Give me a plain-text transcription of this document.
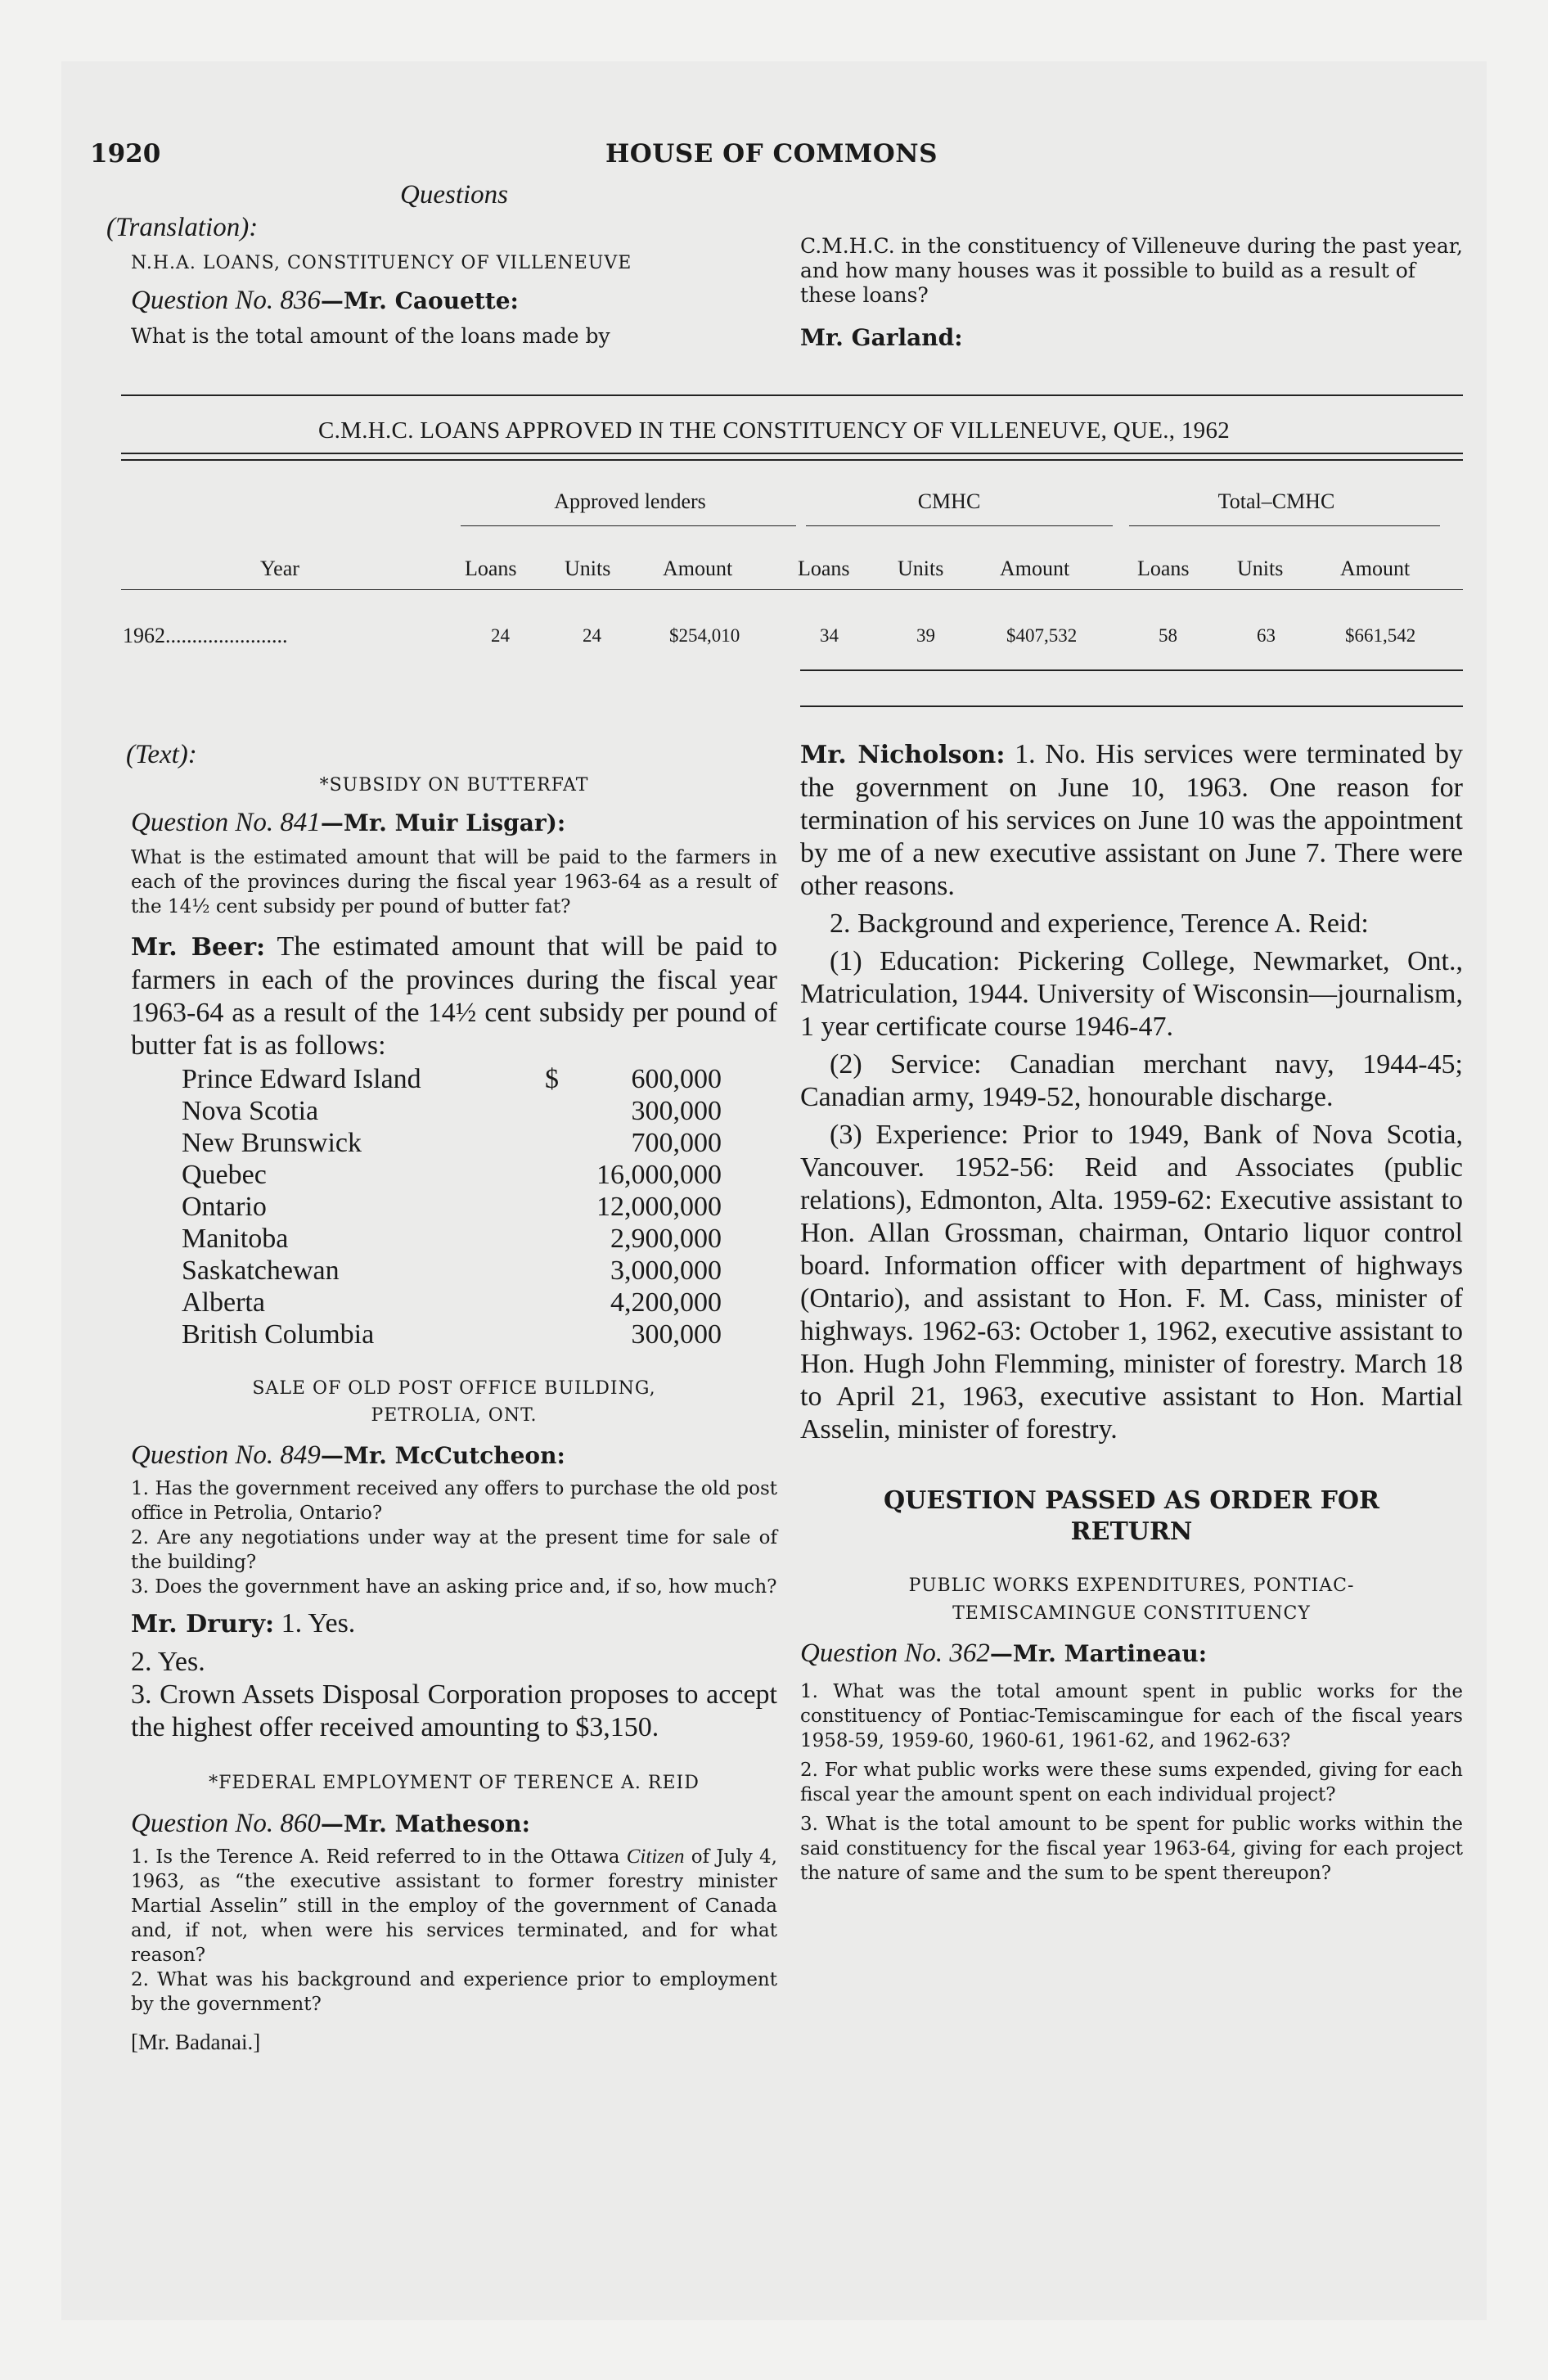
1920	HOUSE OF COMMONS

Questions

(Translation):

N.H.A. LOANS, CONSTITUENCY OF VILLENEUVE

Question No. 836—Mr. Caouette:

What is the total amount of the loans made by

C.M.H.C. in the constituency of Villeneuve during the past year, and how many houses was it possible to build as a result of these loans?

Mr. Garland:

C.M.H.C. LOANS APPROVED IN THE CONSTITUENCY OF VILLENEUVE, QUE., 1962
Approved lenders	CMHC	Total–CMHC
Year	Loans Units Amount	Loans Units	Amount	Loans Units	Amount
1962.......................	24	24	$254,010	34	39	$407,532	58	63	$661,542

(Text):

*SUBSIDY ON BUTTERFAT

Question No. 841—Mr. Muir Lisgar):

What is the estimated amount that will be paid to the farmers in each of the provinces during the fiscal year 1963-64 as a result of the 14½ cent subsidy per pound of butter fat?

Mr. Beer: The estimated amount that will be paid to farmers in each of the provinces during the fiscal year 1963-64 as a result of the 14½ cent subsidy per pound of butter fat is as follows:

Prince Edward Island	$	600,000
Nova Scotia	300,000
New Brunswick	700,000
Quebec	16,000,000
Ontario	12,000,000
Manitoba	2,900,000
Saskatchewan	3,000,000
Alberta	4,200,000
British Columbia	300,000

SALE OF OLD POST OFFICE BUILDING,

PETROLIA, ONT.

Question No. 849—Mr. McCutcheon:

1. Has the government received any offers to purchase the old post office in Petrolia, Ontario?

2. Are any negotiations under way at the present time for sale of the building?

3. Does the government have an asking price and, if so, how much?

Mr. Drury: 1. Yes.

2. Yes.

3. Crown Assets Disposal Corporation proposes to accept the highest offer received amounting to $3,150.

*FEDERAL EMPLOYMENT OF TERENCE A. REID

Question No. 860—Mr. Matheson:

1. Is the Terence A. Reid referred to in the Ottawa Citizen of July 4, 1963, as “the executive assistant to former forestry minister Martial Asselin” still in the employ of the government of Canada and, if not, when were his services terminated, and for what reason?

2. What was his background and experience prior to employment by the government?

[Mr. Badanai.]

Mr. Nicholson: 1. No. His services were terminated by the government on June 10, 1963. One reason for termination of his services on June 10 was the appointment by me of a new executive assistant on June 7. There were other reasons.

2. Background and experience, Terence A. Reid:

(1) Education: Pickering College, Newmarket, Ont., Matriculation, 1944. University of Wisconsin—journalism, 1 year certificate course 1946-47.

(2) Service: Canadian merchant navy, 1944-45; Canadian army, 1949-52, honourable discharge.

(3) Experience: Prior to 1949, Bank of Nova Scotia, Vancouver. 1952-56: Reid and Associates (public relations), Edmonton, Alta. 1959-62: Executive assistant to Hon. Allan Grossman, chairman, Ontario liquor control board. Information officer with department of highways (Ontario), and assistant to Hon. F. M. Cass, minister of highways. 1962-63: October 1, 1962, executive assistant to Hon. Hugh John Flemming, minister of forestry. March 18 to April 21, 1963, executive assistant to Hon. Martial Asselin, minister of forestry.

QUESTION PASSED AS ORDER FOR

RETURN

PUBLIC WORKS EXPENDITURES, PONTIAC-

TEMISCAMINGUE CONSTITUENCY

Question No. 362—Mr. Martineau:

1. What was the total amount spent in public works for the constituency of Pontiac-Temiscamingue for each of the fiscal years 1958-59, 1959-60, 1960-61, 1961-62, and 1962-63?

2. For what public works were these sums expended, giving for each fiscal year the amount spent on each individual project?

3. What is the total amount to be spent for public works within the said constituency for the fiscal year 1963-64, giving for each project the nature of same and the sum to be spent thereupon?
